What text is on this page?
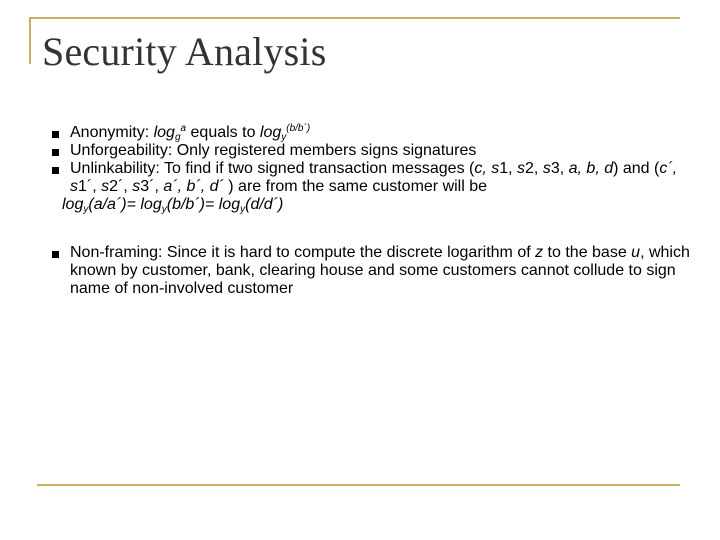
Security Analysis
Anonymity: $\log_g^a$ equals to $\log_y^{(b/b´)}$
Unforgeability: Only registered members signs signatures
Unlinkability: To find if two signed transaction messages (c, s1, s2, s3, a, b, d) and (c´, s1´, s2´, s3´, a´, b´, d´ ) are from the same customer will be
$\log_y(a/a´)=$ $\log_y(b/b´)=$ $\log_y(d/d´)$
Non-framing: Since it is hard to compute the discrete logarithm of z to the base u, which known by customer, bank, clearing house and some customers cannot collude to sign name of non-involved customer
